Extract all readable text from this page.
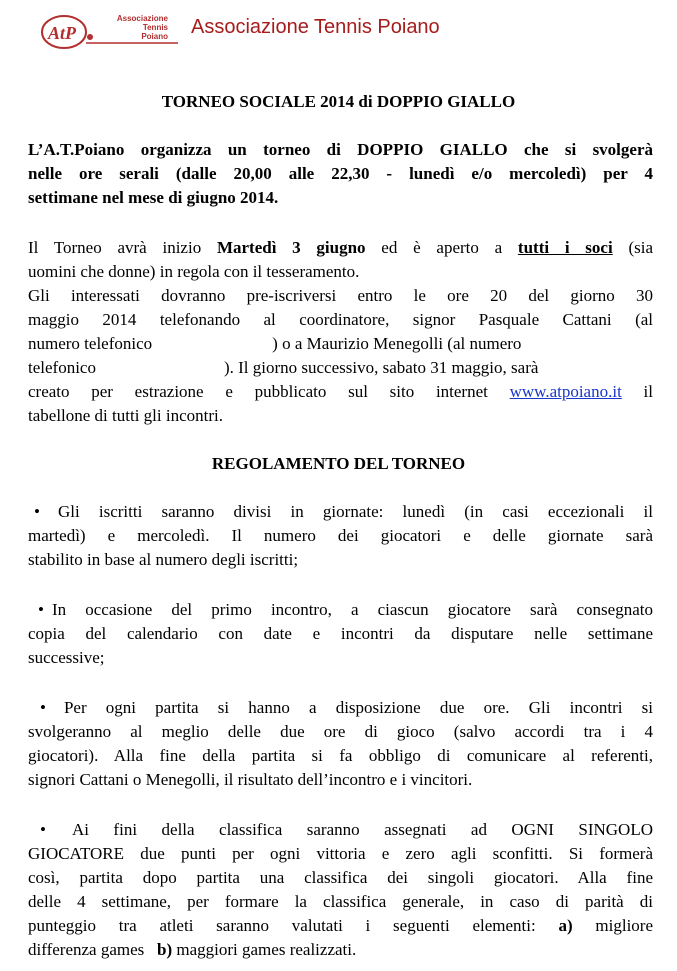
AtP
Associazione
Tennis
Poiano Associazione Tennis Poiano
TORNEO SOCIALE 2014 di DOPPIO GIALLO
L’A.T.Poiano organizza un torneo di DOPPIO GIALLO che si svolgerà
nelle ore serali (dalle 20,00 alle 22,30 - lunedì e/o mercoledì) per 4
settimane nel mese di giugno 2014.
Il Torneo avrà inizio Martedì 3 giugno ed è aperto a tutti i soci (sia
uomini che donne) in regola con il tesseramento.
Gli interessati dovranno pre-iscriversi entro le ore 20 del giorno 30
maggio 2014 telefonando al coordinatore, signor Pasquale Cattani (al
numero telefonico	) o a Maurizio Menegolli (al numero
telefonico	). Il giorno successivo, sabato 31 maggio, sarà
creato per estrazione e pubblicato sul sito internet www.atpoiano.it il
tabellone di tutti gli incontri.
REGOLAMENTO DEL TORNEO
• Gli iscritti saranno divisi in giornate: lunedì (in casi eccezionali il
martedì) e mercoledì. Il numero dei giocatori e delle giornate sarà
stabilito in base al numero degli iscritti;
• In occasione del primo incontro, a ciascun giocatore sarà consegnato
copia del calendario con date e incontri da disputare nelle settimane
successive;
• Per ogni partita si hanno a disposizione due ore. Gli incontri si
svolgeranno al meglio delle due ore di gioco (salvo accordi tra i 4
giocatori). Alla fine della partita si fa obbligo di comunicare al referenti,
signori Cattani o Menegolli, il risultato dell’incontro e i vincitori.
• Ai fini della classifica saranno assegnati ad OGNI SINGOLO
GIOCATORE due punti per ogni vittoria e zero agli sconfitti. Si formerà
così, partita dopo partita una classifica dei singoli giocatori. Alla fine
delle 4 settimane, per formare la classifica generale, in caso di parità di
punteggio tra atleti saranno valutati i seguenti elementi: a) migliore
differenza games b) maggiori games realizzati.
